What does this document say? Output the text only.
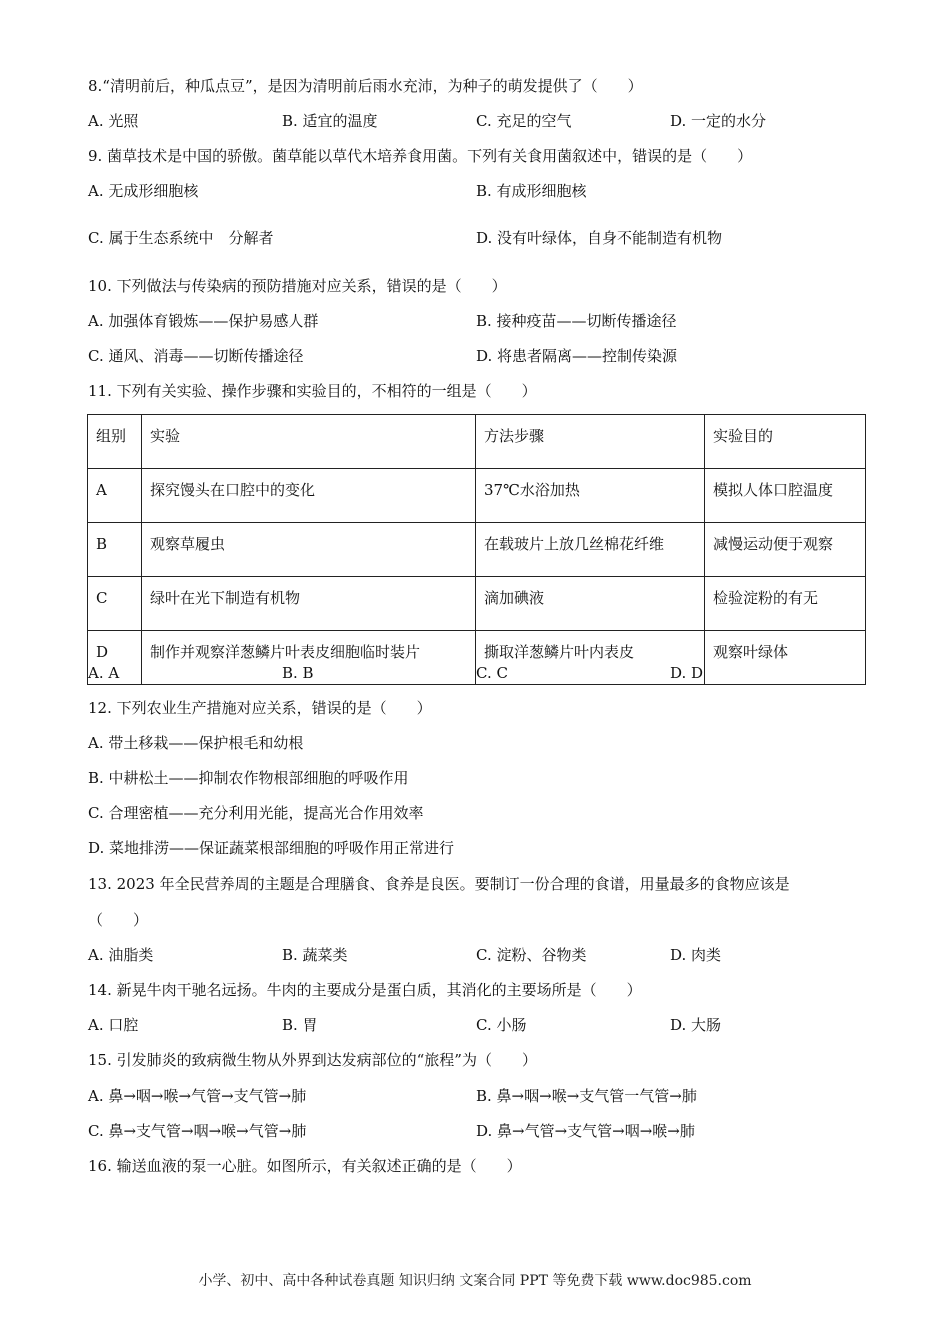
8.“清明前后，种瓜点豆”，是因为清明前后雨水充沛，为种子的萌发提供了（　　）
A. 光照	B. 适宜的温度	C. 充足的空气	D. 一定的水分
9. 菌草技术是中国的骄傲。菌草能以草代木培养食用菌。下列有关食用菌叙述中，错误的是（　　）
A. 无成形细胞核	B. 有成形细胞核
C. 属于生态系统中　分解者	D. 没有叶绿体，自身不能制造有机物
10. 下列做法与传染病的预防措施对应关系，错误的是（　　）
A. 加强体育锻炼——保护易感人群	B. 接种疫苗——切断传播途径
C. 通风、消毒——切断传播途径	D. 将患者隔离——控制传染源
11. 下列有关实验、操作步骤和实验目的，不相符的一组是（　　）
组别	实验	方法步骤	实验目的
A	探究馒头在口腔中的变化	37℃水浴加热	模拟人体口腔温度
B	观察草履虫	在载玻片上放几丝棉花纤维	减慢运动便于观察
C	绿叶在光下制造有机物	滴加碘液	检验淀粉的有无
D	制作并观察洋葱鳞片叶表皮细胞临时装片	撕取洋葱鳞片叶内表皮	观察叶绿体
A. A	B. B	C. C	D. D
12. 下列农业生产措施对应关系，错误的是（　　）
A. 带土移栽——保护根毛和幼根
B. 中耕松土——抑制农作物根部细胞的呼吸作用
C. 合理密植——充分利用光能，提高光合作用效率
D. 菜地排涝——保证蔬菜根部细胞的呼吸作用正常进行
13. 2023 年全民营养周的主题是合理膳食、食养是良医。要制订一份合理的食谱，用量最多的食物应该是
（　　）
A. 油脂类	B. 蔬菜类	C. 淀粉、谷物类	D. 肉类
14. 新晃牛肉干驰名远扬。牛肉的主要成分是蛋白质，其消化的主要场所是（　　）
A. 口腔	B. 胃	C. 小肠	D. 大肠
15. 引发肺炎的致病微生物从外界到达发病部位的“旅程”为（　　）
A. 鼻→咽→喉→气管→支气管→肺	B. 鼻→咽→喉→支气管一气管→肺
C. 鼻→支气管→咽→喉→气管→肺	D. 鼻→气管→支气管→咽→喉→肺
16. 输送血液的泵一心脏。如图所示，有关叙述正确的是（　　）
小学、初中、高中各种试卷真题 知识归纳 文案合同 PPT 等免费下载 www.doc985.com
